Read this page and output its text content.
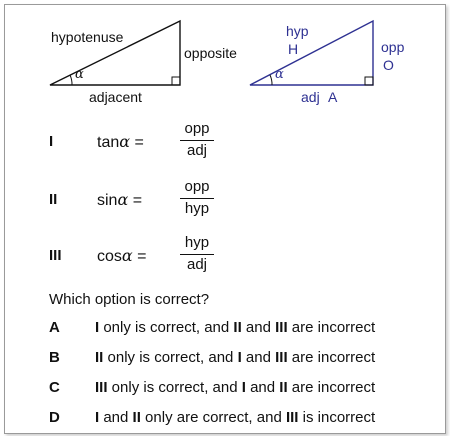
hypotenuse
opposite
adjacent
α
hyp
H	opp
O
adj A
α
I	tanα =
opp
adj
II sinα =
opp
hyp
III cosα =
hyp
adj
Which option is correct?
A I only is correct, and II and III are incorrect
B II only is correct, and I and III are incorrect
C III only is correct, and I and II are incorrect
D I and II only are correct, and III is incorrect
